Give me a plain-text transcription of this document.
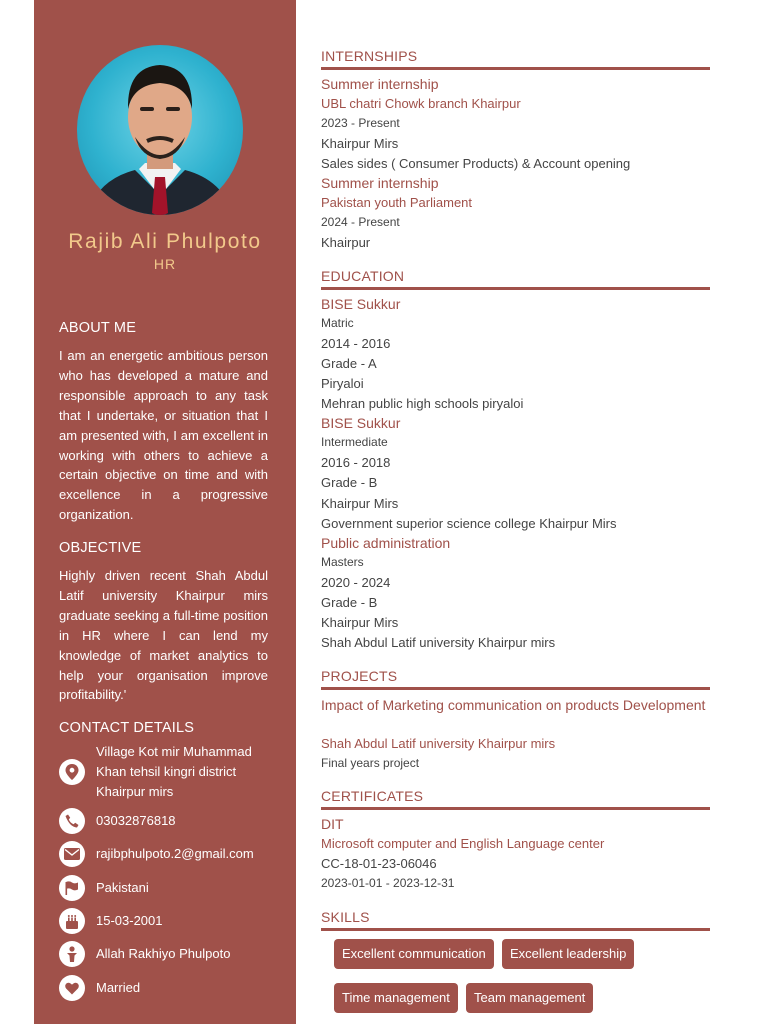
Rajib Ali Phulpoto
HR
ABOUT ME
I am an energetic ambitious person who has developed a mature and responsible approach to any task that I undertake, or situation that I am presented with, I am excellent in working with others to achieve a certain objective on time and with excellence in a progressive organization.
OBJECTIVE
Highly driven recent Shah Abdul Latif university Khairpur mirs graduate seeking a full-time position in HR where I can lend my knowledge of market analytics to help your organisation improve profitability.'
CONTACT DETAILS
Village Kot mir Muhammad Khan tehsil kingri district Khairpur mirs
03032876818
rajibphulpoto.2@gmail.com
Pakistani
15-03-2001
Allah Rakhiyo Phulpoto
Married
INTERNSHIPS
Summer internship
UBL chatri Chowk branch Khairpur
2023 - Present
Khairpur Mirs
Sales sides ( Consumer Products) & Account opening
Summer internship
Pakistan youth Parliament
2024 - Present
Khairpur
EDUCATION
BISE Sukkur
Matric
2014 - 2016
Grade - A
Piryaloi
Mehran public high schools piryaloi
BISE Sukkur
Intermediate
2016 - 2018
Grade - B
Khairpur Mirs
Government superior science college Khairpur Mirs
Public administration
Masters
2020 - 2024
Grade - B
Khairpur Mirs
Shah Abdul Latif university Khairpur mirs
PROJECTS
Impact of Marketing communication on products Development
Shah Abdul Latif university Khairpur mirs
Final years project
CERTIFICATES
DIT
Microsoft computer and English Language center
CC-18-01-23-06046
2023-01-01 - 2023-12-31
SKILLS
Excellent communication	Excellent leadership
Time management	Team management
